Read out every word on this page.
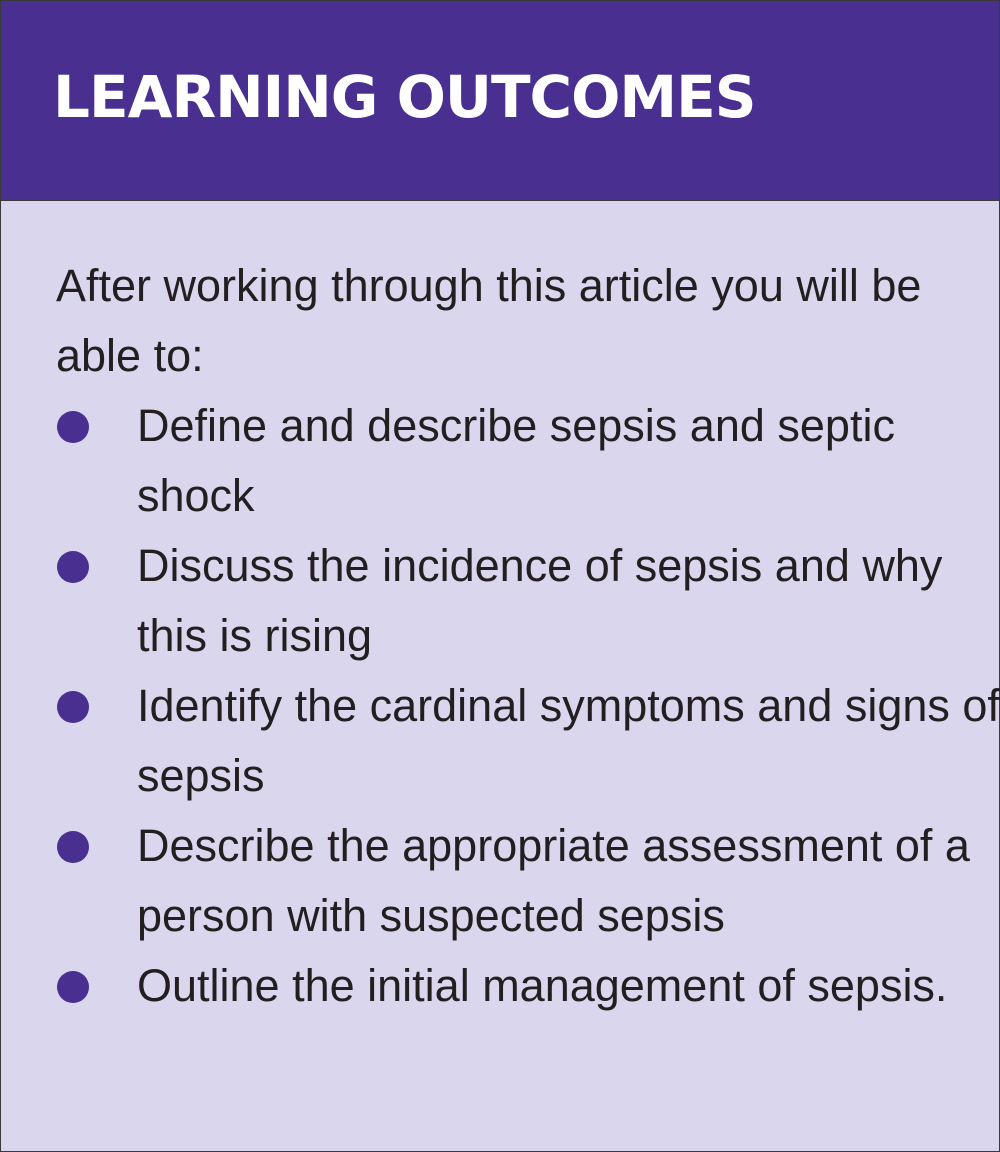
LEARNING OUTCOMES

After working through this article you will be able to:

Define and describe sepsis and septic shock
Discuss the incidence of sepsis and why this is rising
Identify the cardinal symptoms and signs of sepsis
Describe the appropriate assessment of a person with suspected sepsis
Outline the initial management of sepsis.
